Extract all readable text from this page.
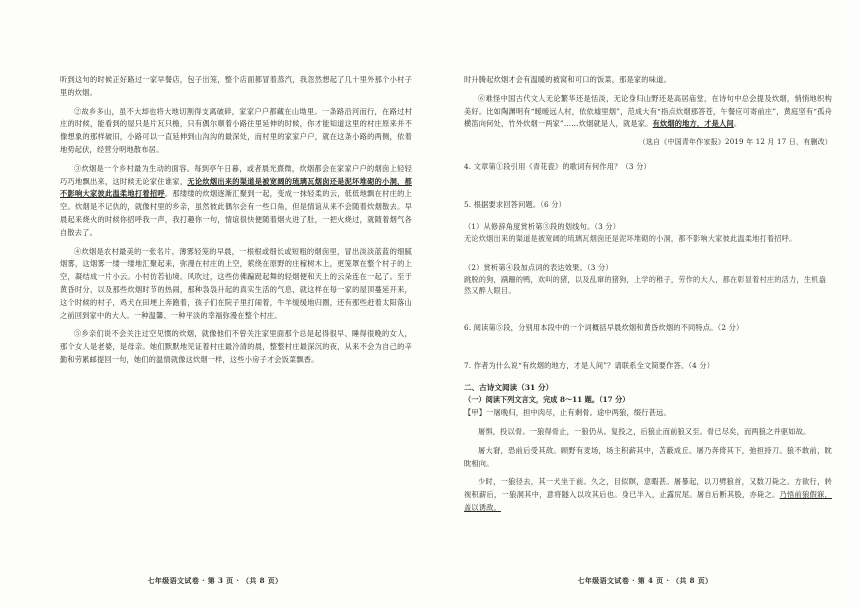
听到这句的时候正好路过一家早餐店，包子出笼，整个店面都冒着蒸汽，我忽然想起了几十里外那个小村子里的炊烟。

②故乡多山，虽不大却也将大地切割得支离破碎，家家户户都藏在山坳里。一条路沿河而行，在路过村庄的时候，能看到的屋只是片瓦只檐，只有偶尔顺着小路往里延伸的时候，你才能知道这里的村庄原来并不像想象的那样破旧，小路可以一直延伸到山沟沟的最深处，而村里的家家户户，就在这条小路的两侧，依着地势起伏，经营分明地散布居。

③炊烟是一个乡村最为生动的面容。每到亭午日暮，或者晨光熹微，炊烟都会在家家户户的烟囱上轻轻巧巧地飘出来，这时候无论家住谁家，无论炊烟出来的渠道是被宽阔的琉璃瓦烟囱还是泥坏堆砌的小洞，都不影响大家彼此温柔地打着招呼。那缕缕的炊烟逐渐汇聚到一起，变成一抹轻柔的云，低低地飘在村庄的上空。炊烟是不记仇的，就像村里的乡亲，虽然彼此偶尔会有一些口角，但是情谊从来不会随着炊烟散去。早晨起来烧火的时候你招呼我一声，我打趣你一句，情谊很快便随着烟火进了肚，一把火烧过，就随着烟气各自散去了。

④炊烟是农村最美的一张名片。薄雾轻笼的早晨，一根根或细长或短粗的烟囱里，冒出淡淡蓝蓝的细腻烟雾，这烟雾一缕一缕地汇聚起来，弥漫在村庄的上空，萦绕在原野的庄稼树木上，更笼罩在整个村子的上空，凝结成一片小云。小村仿若仙境。风吹过，这些仿佛蹁跹起舞的轻烟便和天上的云朵连在一起了。至于黄昏时分，以及那些炊烟时节的热闹，那种袅袅升起的真实生活的气息，就这样在每一家的屋顶蔓延开来，这个时候的村子，鸡犬在田埂上奔跑着，孩子们在院子里打闹着，牛羊缓缓地归圈，还有那些赶着太阳落山之前回到家中的大人。一种温馨、一种平淡的幸福弥漫在整个村庄。

⑤乡亲们说不会关注过空见惯的炊烟，就像他们不曾关注家里面那个总是起得很早、睡得很晚的女人，那个女人是老婆，是母亲。她们默默地见证着村庄最冷清的晨，整整村庄最深沉的夜，从来不会为自己的辛勤和劳累邮提回一句，她们的温情就像这炊烟一样，这些小房子才会饭菜飘香。

七年级语文试卷 · 第 3 页 · （共 8 页）

时升腾起炊烟才会有温暖的被窝和可口的饭菜，那是家的味道。

⑥难怪中国古代文人无论繁华还是恬淡，无论身归山野还是高居庙堂，在诗句中总会提及炊烟，悄悄地织构美好。比如陶渊明有“暧暧远人村，依依墟里烟”，范成大有“指点炊烟那答苍，午餐应可寄前庄”，黄庭坚有“孤舟横笛向何处，竹外炊烟一两家”……炊烟就是人，就是家。有炊烟的地方，才是人间。

（选自《中国青年作家报》2019 年 12 月 17 日，有删改）

4. 文章第①段引用《青花瓷》的歌词有何作用？（3 分）

5. 根据要求回答问题。（6 分）

（1）从修辞角度赏析第③段的划线句。（3 分）

无论炊烟出来的渠道是被宽阔的琉璃瓦烟囱还是泥坏堆砌的小洞，都不影响大家彼此温柔地打着招呼。

（2）赏析第④段加点词的表达效果。（3 分）

跳脱的狗，蹒跚的鸭，欢叫的猪，以及乱窜的猪狗，上学的稚子，劳作的大人，都在彰显着村庄的活力，生机盎然又醉人眼目。

6. 阅读第⑤段，分别用本段中的一个词概括早晨炊烟和黄昏炊烟的不同特点。（2 分）

7. 作者为什么说“有炊烟的地方，才是人间”？请联系全文简要作答。（4 分）

二、古诗文阅读（31 分）

（一）阅读下列文言文，完成 8～11 题。（17 分）

【甲】一屠晚归，担中肉尽，止有剩骨。途中两狼，缀行甚远。

屠惧，投以骨。一狼得骨止，一狼仍从。复投之，后狼止而前狼又至。骨已尽矣，而两狼之并驱如故。

屠大窘，恐前后受其敌。顾野有麦场，场主积薪其中，苫蔽成丘。屠乃奔倚其下，弛担持刀。狼不敢前，眈眈相向。

少时，一狼径去，其一犬坐于前。久之，目似瞑，意暇甚。屠暴起，以刀劈狼首，又数刀毙之。方欲行，转视积薪后，一狼洞其中，意将隧入以攻其后也。身已半入，止露尻尾。屠自后断其股，亦毙之。乃悟前狼假寐，盖以诱敌。

七年级语文试卷 · 第 4 页 · （共 8 页）
